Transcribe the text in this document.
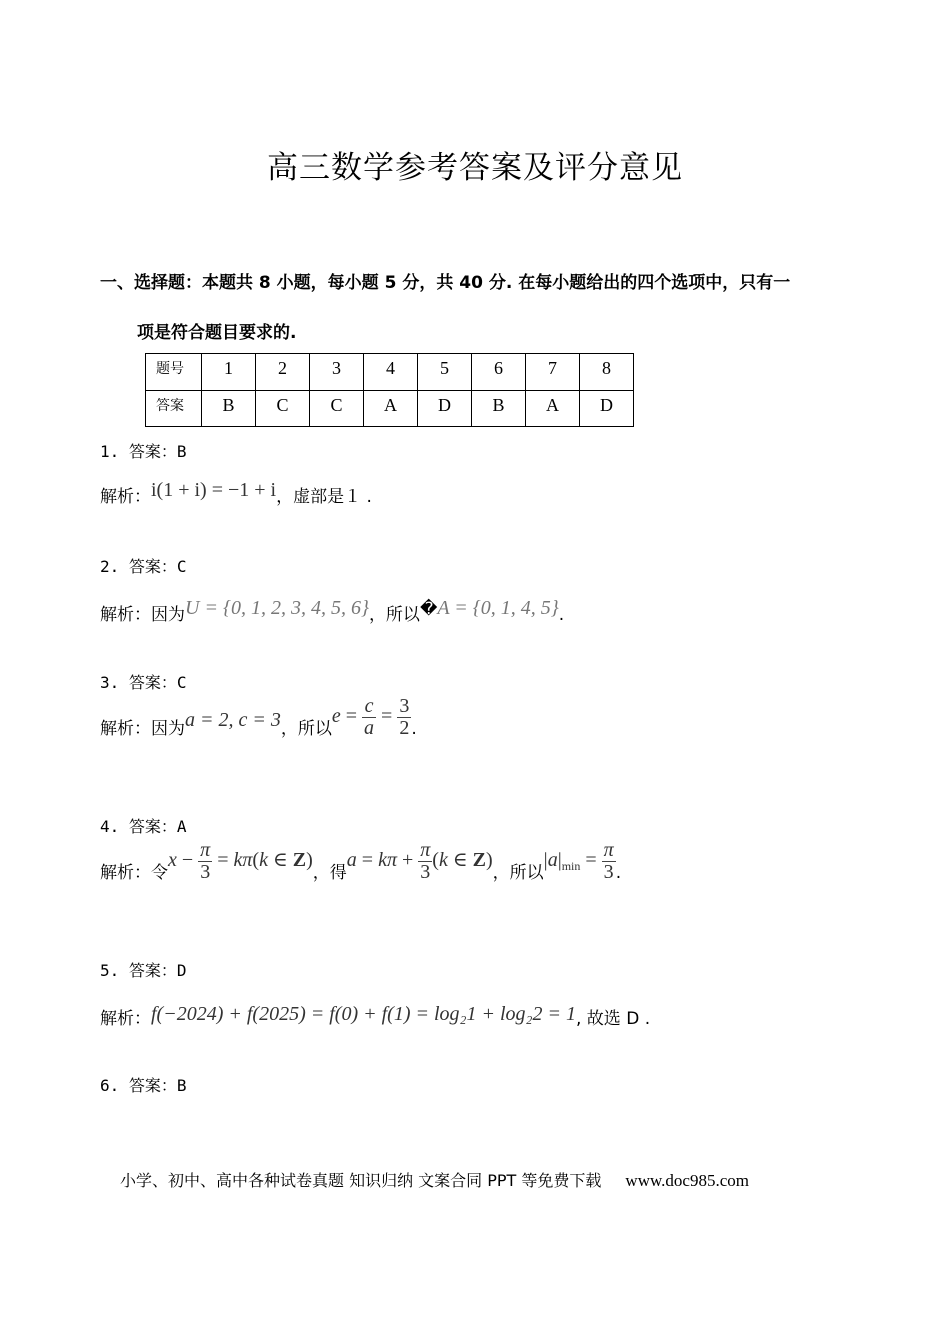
高三数学参考答案及评分意见
一、选择题：本题共 8 小题，每小题 5 分，共 40 分. 在每小题给出的四个选项中，只有一
项是符合题目要求的.
题号	1	2	3	4	5	6	7	8
答案	B	C	C	A	D	B	A	D
1. 答案：B
解析：i(1 + i) = −1 + i，虚部是１ .
2. 答案：C
解析：因为U = {0, 1, 2, 3, 4, 5, 6}，所以�A = {0, 1, 4, 5}.
3. 答案：C
解析：因为a = 2, c = 3，所以$e = \frac{c}{a} = \frac{3}{2}$ .
4. 答案：A
解析：令$x - \frac{\pi}{3} = k\pi(k$ ∈ Z)，得$a = k\pi + \frac{\pi}{3} (k$ ∈ Z)，所以$|a|_{min} = \frac{\pi}{3}$ .
5. 答案：D
解析：f(−2024) + f(2025) = f(0) + f(1) = log₂1 + log₂2 = 1, 故选 D .
6. 答案：B
小学、初中、高中各种试卷真题 知识归纳 文案合同 PPT 等免费下载 www.doc985.com
